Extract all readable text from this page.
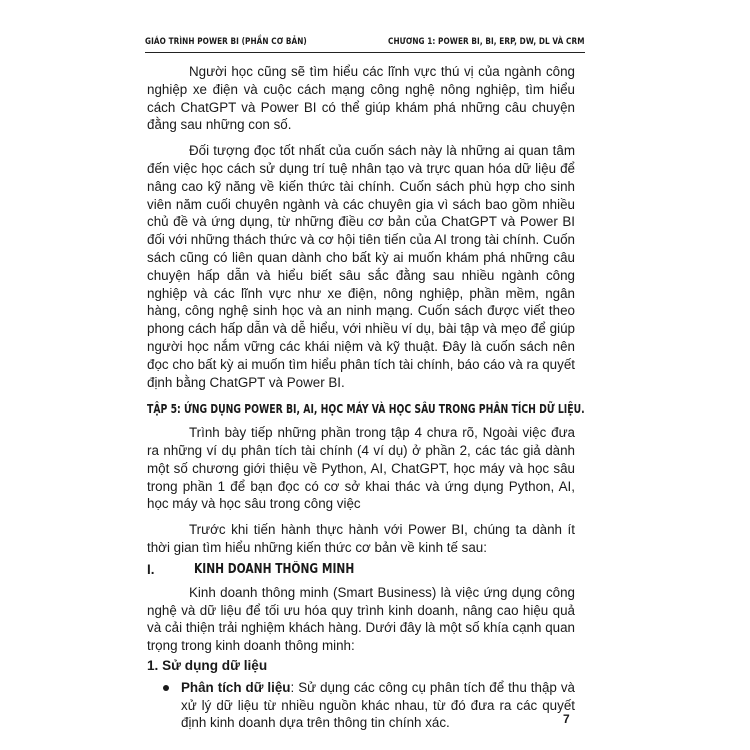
GIÁO TRÌNH POWER BI (PHẦN CƠ BẢN)	CHƯƠNG 1: POWER BI, BI, ERP, DW, DL VÀ CRM

Người học cũng sẽ tìm hiểu các lĩnh vực thú vị của ngành công nghiệp xe điện và cuộc cách mạng công nghệ nông nghiệp, tìm hiểu cách ChatGPT và Power BI có thể giúp khám phá những câu chuyện đằng sau những con số.

Đối tượng đọc tốt nhất của cuốn sách này là những ai quan tâm đến việc học cách sử dụng trí tuệ nhân tạo và trực quan hóa dữ liệu để nâng cao kỹ năng về kiến thức tài chính. Cuốn sách phù hợp cho sinh viên năm cuối chuyên ngành và các chuyên gia vì sách bao gồm nhiều chủ đề và ứng dụng, từ những điều cơ bản của ChatGPT và Power BI đối với những thách thức và cơ hội tiên tiến của AI trong tài chính. Cuốn sách cũng có liên quan dành cho bất kỳ ai muốn khám phá những câu chuyện hấp dẫn và hiểu biết sâu sắc đằng sau nhiều ngành công nghiệp và các lĩnh vực như xe điện, nông nghiệp, phần mềm, ngân hàng, công nghệ sinh học và an ninh mạng. Cuốn sách được viết theo phong cách hấp dẫn và dễ hiểu, với nhiều ví dụ, bài tập và mẹo để giúp người học nắm vững các khái niệm và kỹ thuật. Đây là cuốn sách nên đọc cho bất kỳ ai muốn tìm hiểu phân tích tài chính, báo cáo và ra quyết định bằng ChatGPT và Power BI.

TẬP 5: ỨNG DỤNG POWER BI, AI, HỌC MÁY VÀ HỌC SÂU TRONG PHÂN TÍCH DỮ LIỆU.

Trình bày tiếp những phần trong tập 4 chưa rõ, Ngoài việc đưa ra những ví dụ phân tích tài chính (4 ví dụ) ở phần 2, các tác giả dành một số chương giới thiệu về Python, AI, ChatGPT, học máy và học sâu trong phần 1 để bạn đọc có cơ sở khai thác và ứng dụng Python, AI, học máy và học sâu trong công việc

Trước khi tiến hành thực hành với Power BI, chúng ta dành ít thời gian tìm hiểu những kiến thức cơ bản về kinh tế sau:

I.	KINH DOANH THÔNG MINH

Kinh doanh thông minh (Smart Business) là việc ứng dụng công nghệ và dữ liệu để tối ưu hóa quy trình kinh doanh, nâng cao hiệu quả và cải thiện trải nghiệm khách hàng. Dưới đây là một số khía cạnh quan trọng trong kinh doanh thông minh:

1. Sử dụng dữ liệu

Phân tích dữ liệu: Sử dụng các công cụ phân tích để thu thập và xử lý dữ liệu từ nhiều nguồn khác nhau, từ đó đưa ra các quyết định kinh doanh dựa trên thông tin chính xác.	7
